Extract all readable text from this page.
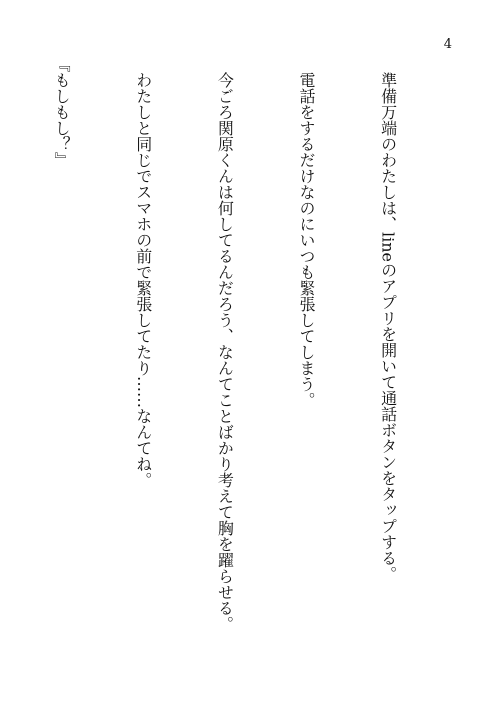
4

　準備万端のわたしは、lineのアプリを開いて通話ボタンをタップする。

　電話をするだけなのにいつも緊張してしまう。

　今ごろ関原くんは何してるんだろう、なんてことばかり考えて胸を躍らせる。

　わたしと同じでスマホの前で緊張してたり……なんてね。

『もしもし？』
